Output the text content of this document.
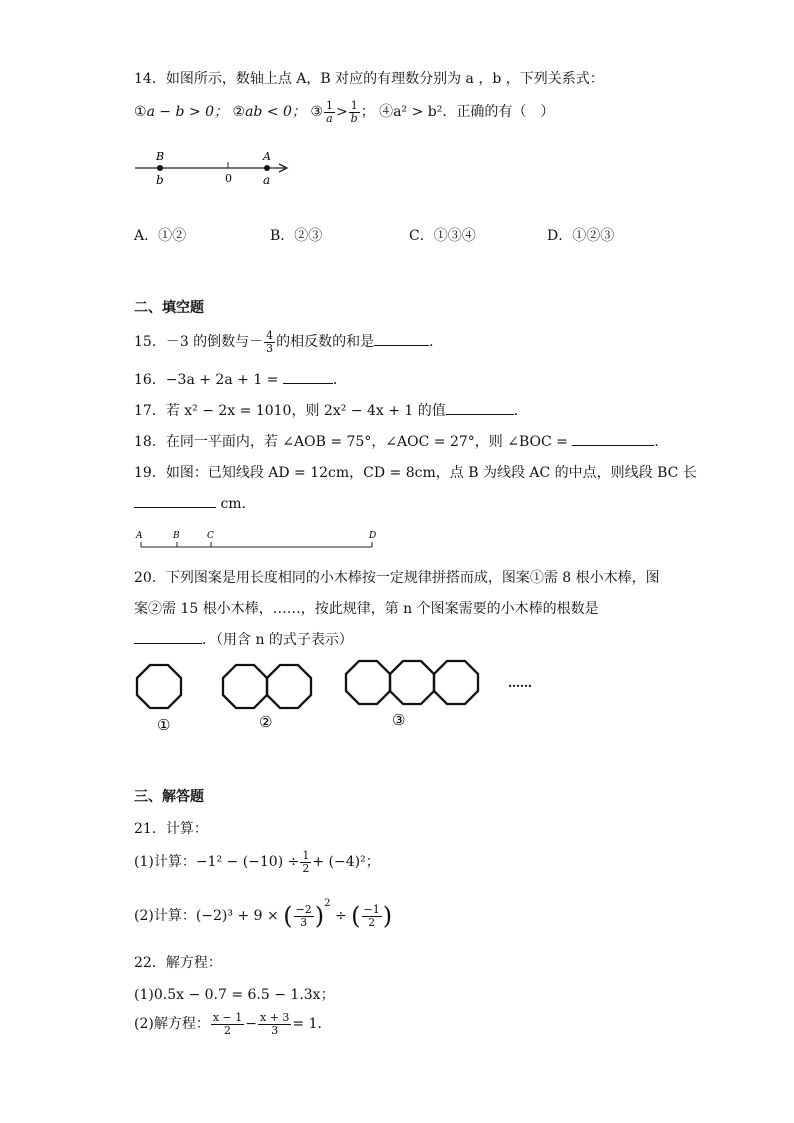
14．如图所示，数轴上点 A，B 对应的有理数分别为 a ，b ，下列关系式：
①a − b > 0； ②ab < 0； ③ $\frac{1}{a} > \frac{1}{b}$ ； ④a² > b²．正确的有（　）
B
b	0
A
a
A．①②	B．②③	C．①③④	D．①②③
二、填空题
15．－3 的倒数与－ $\frac{4}{3}$ 的相反数的和是	．
16．−3a + 2a + 1 =	．
17．若 x² − 2x = 1010，则 2x² − 4x + 1 的值	．
18．在同一平面内，若 ∠AOB = 75°，∠AOC = 27°，则 ∠BOC =	．
19．如图：已知线段 AD = 12cm，CD = 8cm，点 B 为线段 AC 的中点，则线段 BC 长
cm．
A	B	C	D
20．下列图案是用长度相同的小木棒按一定规律拼搭而成，图案①需 8 根小木棒，图
案②需 15 根小木棒，……，按此规律，第 n 个图案需要的小木棒的根数是
．（用含 n 的式子表示）
①	②	③
……
三、解答题
21．计算：
(1)计算：$-1^2 - (-10) \div \frac{1}{2} + (-4)^2$；
(2)计算：(−2)³ + 9 × ( $\frac{-2}{3} )^2$ ÷ ( $\frac{-1}{2}$ )
22．解方程：
(1)0.5x − 0.7 = 6.5 − 1.3x；
(2)解方程： $\frac{x - 1}{2} - \frac{x + 3}{3} = 1$．
